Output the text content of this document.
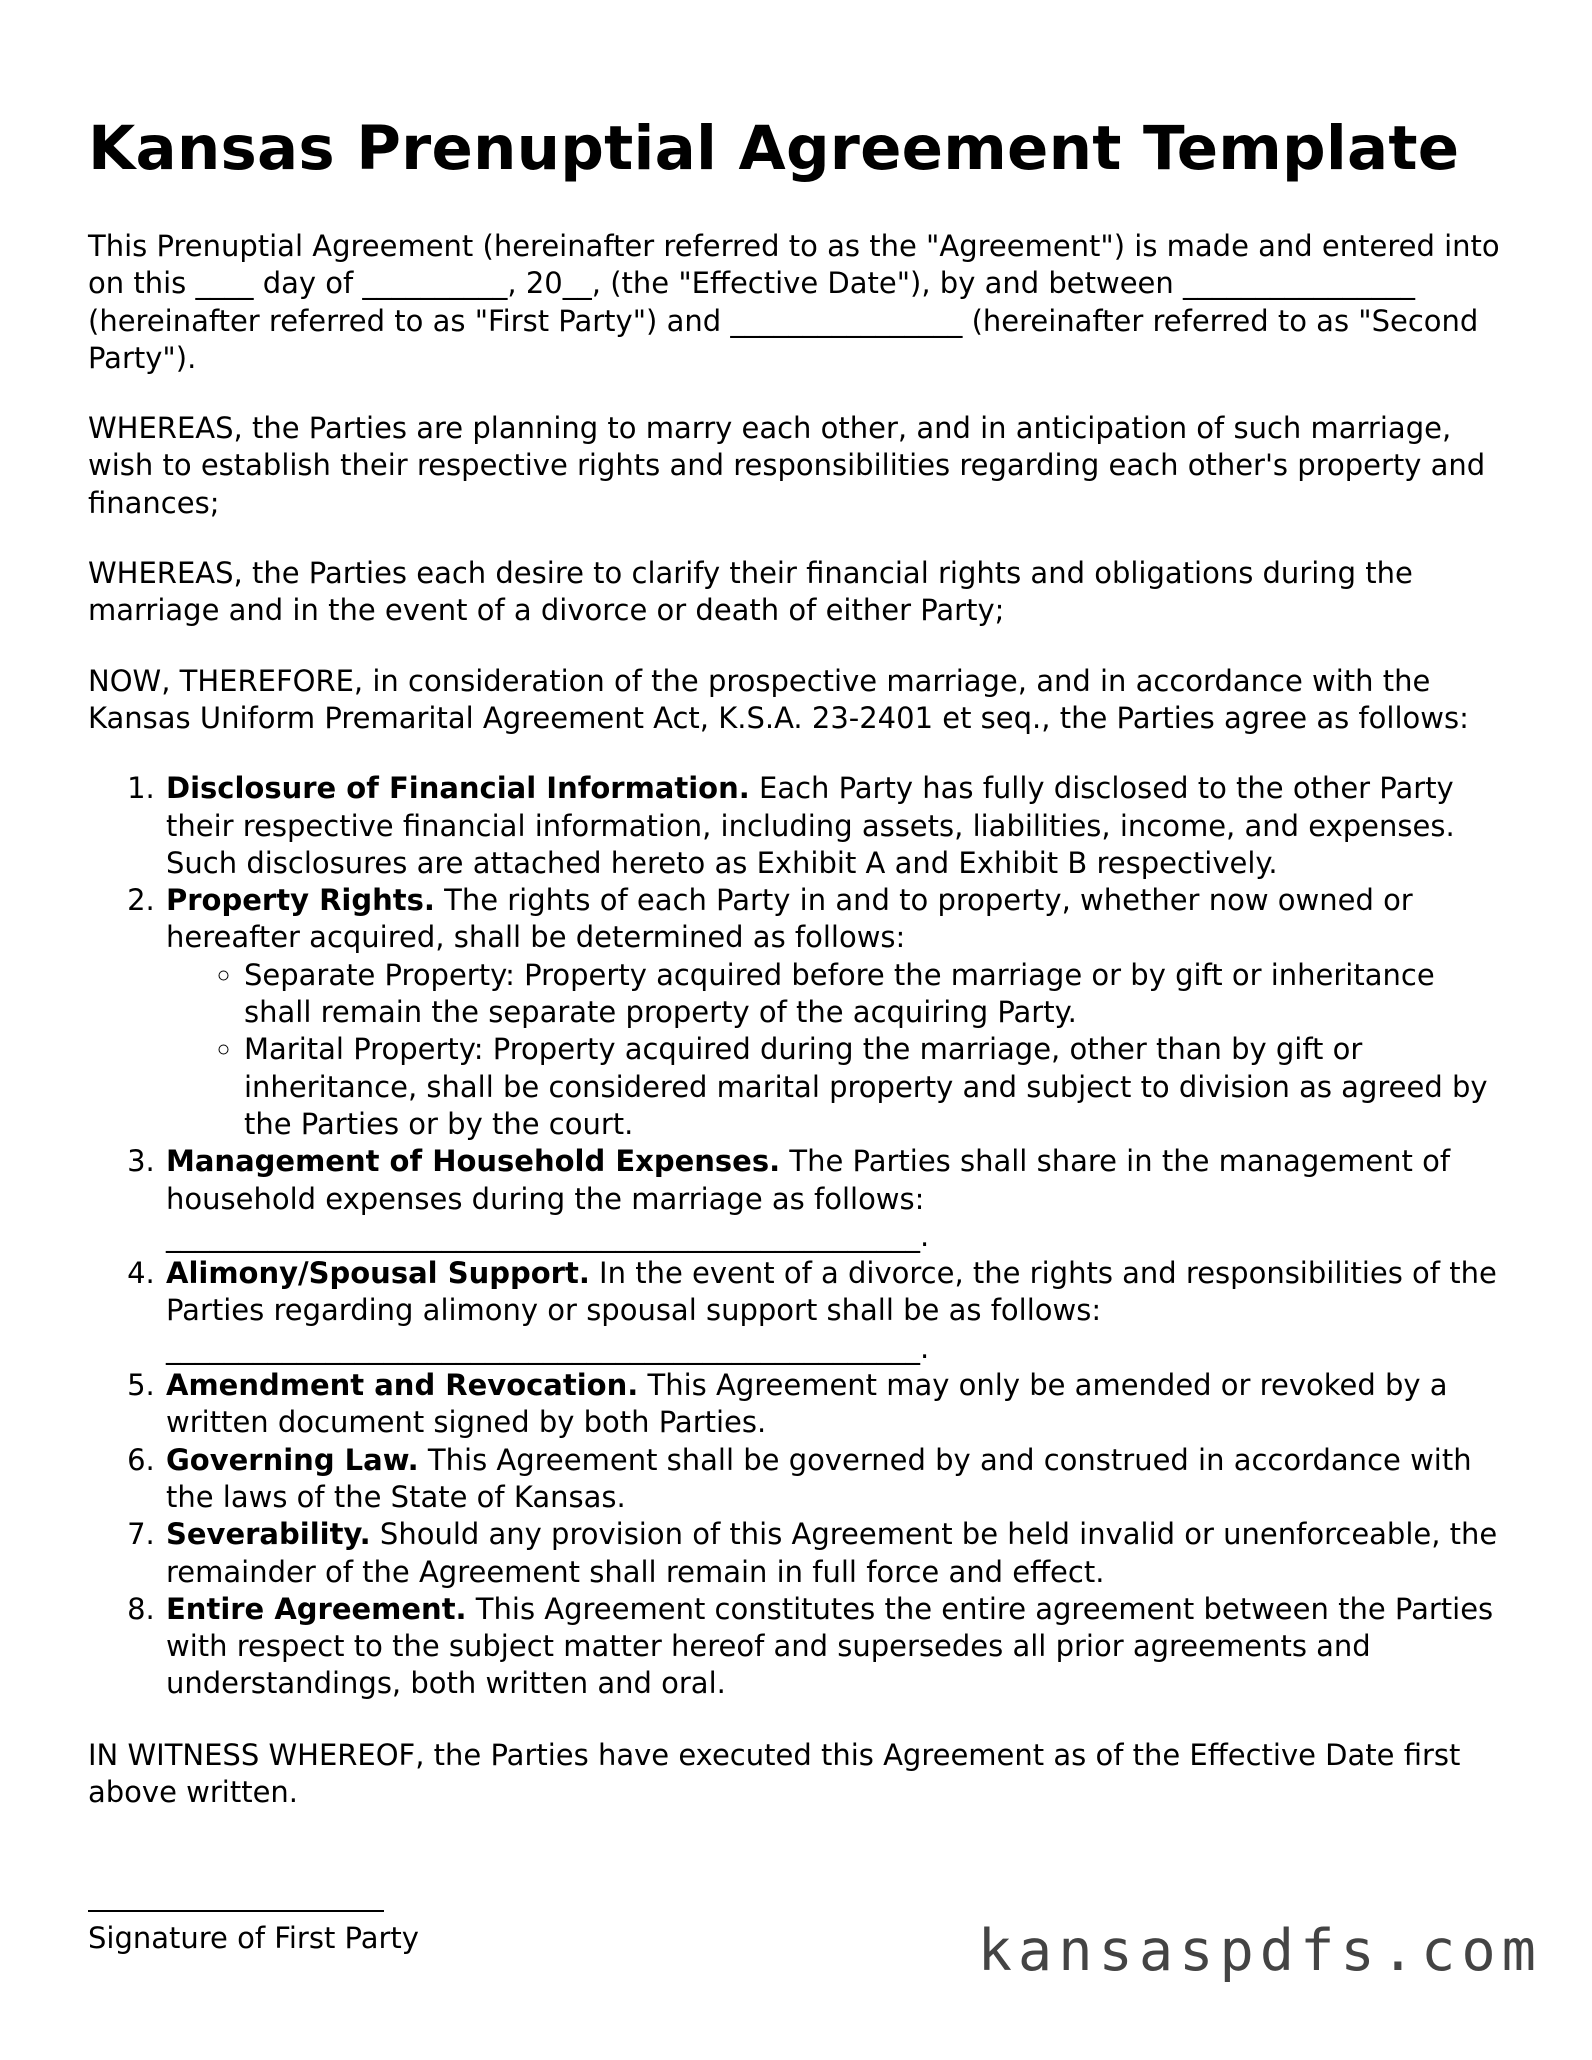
Kansas Prenuptial Agreement Template

This Prenuptial Agreement (hereinafter referred to as the "Agreement") is made and entered into on this ____ day of __________, 20__, (the "Effective Date"), by and between ________________ (hereinafter referred to as "First Party") and ________________ (hereinafter referred to as "Second Party").

WHEREAS, the Parties are planning to marry each other, and in anticipation of such marriage, wish to establish their respective rights and responsibilities regarding each other's property and finances;

WHEREAS, the Parties each desire to clarify their financial rights and obligations during the marriage and in the event of a divorce or death of either Party;

NOW, THEREFORE, in consideration of the prospective marriage, and in accordance with the Kansas Uniform Premarital Agreement Act, K.S.A. 23-2401 et seq., the Parties agree as follows:

1. Disclosure of Financial Information. Each Party has fully disclosed to the other Party their respective financial information, including assets, liabilities, income, and expenses. Such disclosures are attached hereto as Exhibit A and Exhibit B respectively.
2. Property Rights. The rights of each Party in and to property, whether now owned or hereafter acquired, shall be determined as follows:
◦ Separate Property: Property acquired before the marriage or by gift or inheritance shall remain the separate property of the acquiring Party.
◦ Marital Property: Property acquired during the marriage, other than by gift or inheritance, shall be considered marital property and subject to division as agreed by the Parties or by the court.
3. Management of Household Expenses. The Parties shall share in the management of household expenses during the marriage as follows:
____________________________________________________.
4. Alimony/Spousal Support. In the event of a divorce, the rights and responsibilities of the Parties regarding alimony or spousal support shall be as follows:
____________________________________________________.
5. Amendment and Revocation. This Agreement may only be amended or revoked by a written document signed by both Parties.
6. Governing Law. This Agreement shall be governed by and construed in accordance with the laws of the State of Kansas.
7. Severability. Should any provision of this Agreement be held invalid or unenforceable, the remainder of the Agreement shall remain in full force and effect.
8. Entire Agreement. This Agreement constitutes the entire agreement between the Parties with respect to the subject matter hereof and supersedes all prior agreements and understandings, both written and oral.

IN WITNESS WHEREOF, the Parties have executed this Agreement as of the Effective Date first above written.

Signature of First Party	kansaspdfs.com
